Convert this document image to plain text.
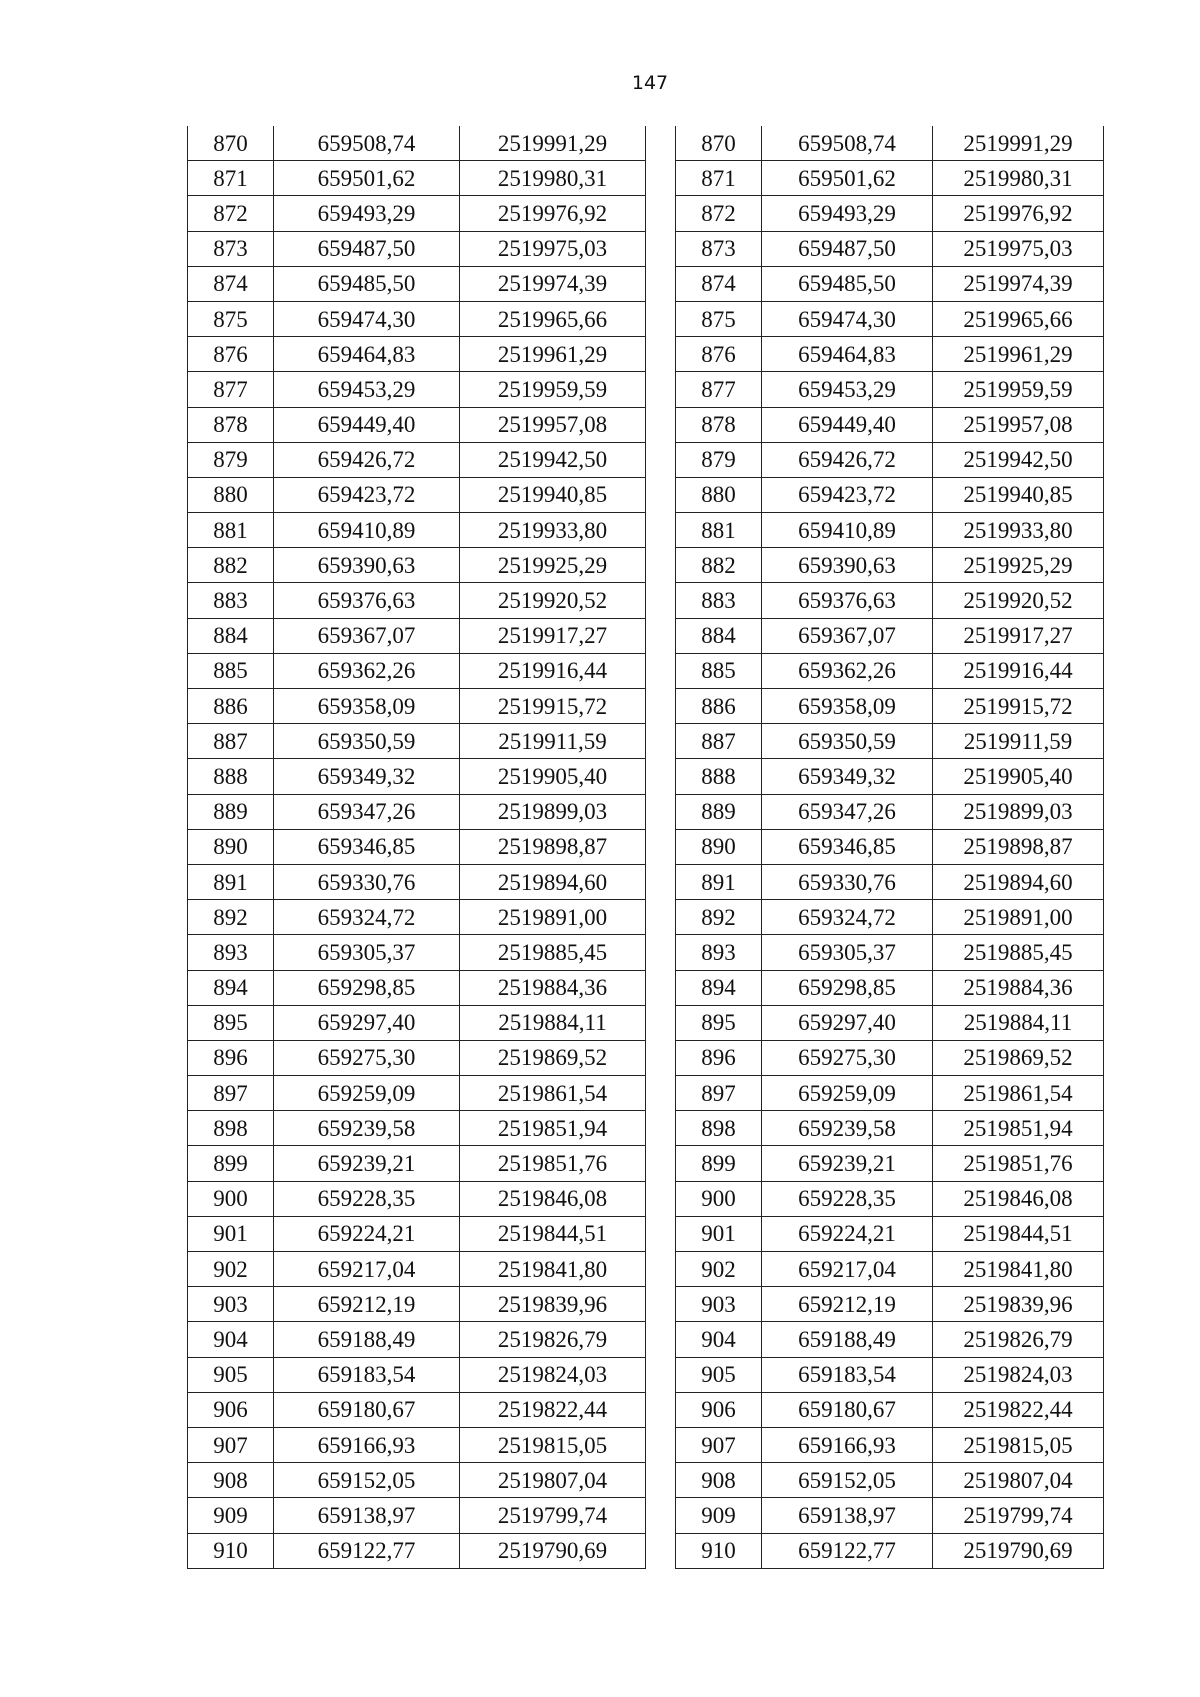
147
870	659508,74	2519991,29
871	659501,62	2519980,31
872	659493,29	2519976,92
873	659487,50	2519975,03
874	659485,50	2519974,39
875	659474,30	2519965,66
876	659464,83	2519961,29
877	659453,29	2519959,59
878	659449,40	2519957,08
879	659426,72	2519942,50
880	659423,72	2519940,85
881	659410,89	2519933,80
882	659390,63	2519925,29
883	659376,63	2519920,52
884	659367,07	2519917,27
885	659362,26	2519916,44
886	659358,09	2519915,72
887	659350,59	2519911,59
888	659349,32	2519905,40
889	659347,26	2519899,03
890	659346,85	2519898,87
891	659330,76	2519894,60
892	659324,72	2519891,00
893	659305,37	2519885,45
894	659298,85	2519884,36
895	659297,40	2519884,11
896	659275,30	2519869,52
897	659259,09	2519861,54
898	659239,58	2519851,94
899	659239,21	2519851,76
900	659228,35	2519846,08
901	659224,21	2519844,51
902	659217,04	2519841,80
903	659212,19	2519839,96
904	659188,49	2519826,79
905	659183,54	2519824,03
906	659180,67	2519822,44
907	659166,93	2519815,05
908	659152,05	2519807,04
909	659138,97	2519799,74
910	659122,77	2519790,69
870	659508,74	2519991,29
871	659501,62	2519980,31
872	659493,29	2519976,92
873	659487,50	2519975,03
874	659485,50	2519974,39
875	659474,30	2519965,66
876	659464,83	2519961,29
877	659453,29	2519959,59
878	659449,40	2519957,08
879	659426,72	2519942,50
880	659423,72	2519940,85
881	659410,89	2519933,80
882	659390,63	2519925,29
883	659376,63	2519920,52
884	659367,07	2519917,27
885	659362,26	2519916,44
886	659358,09	2519915,72
887	659350,59	2519911,59
888	659349,32	2519905,40
889	659347,26	2519899,03
890	659346,85	2519898,87
891	659330,76	2519894,60
892	659324,72	2519891,00
893	659305,37	2519885,45
894	659298,85	2519884,36
895	659297,40	2519884,11
896	659275,30	2519869,52
897	659259,09	2519861,54
898	659239,58	2519851,94
899	659239,21	2519851,76
900	659228,35	2519846,08
901	659224,21	2519844,51
902	659217,04	2519841,80
903	659212,19	2519839,96
904	659188,49	2519826,79
905	659183,54	2519824,03
906	659180,67	2519822,44
907	659166,93	2519815,05
908	659152,05	2519807,04
909	659138,97	2519799,74
910	659122,77	2519790,69
